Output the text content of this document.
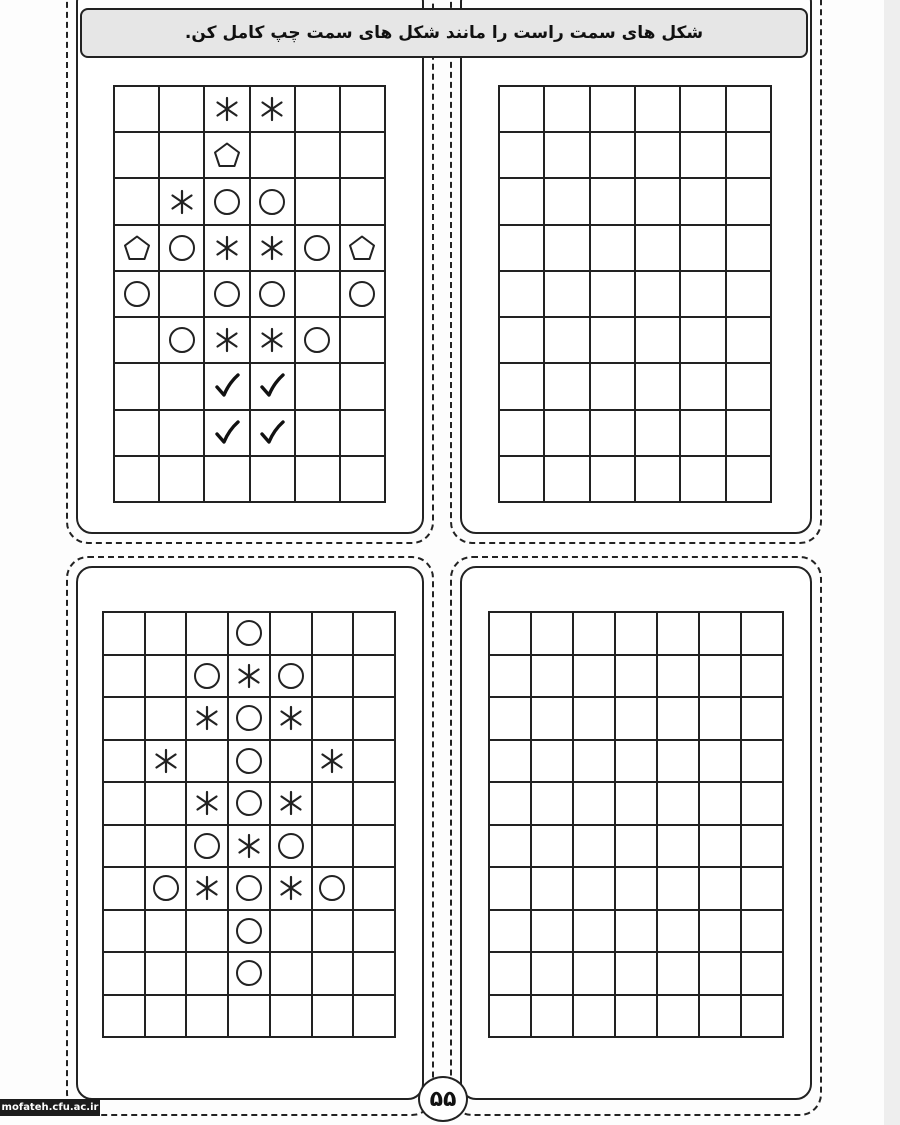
شکل های سمت راست را مانند شکل های سمت چپ کامل کن.
۵۵
mofateh.cfu.ac.ir
